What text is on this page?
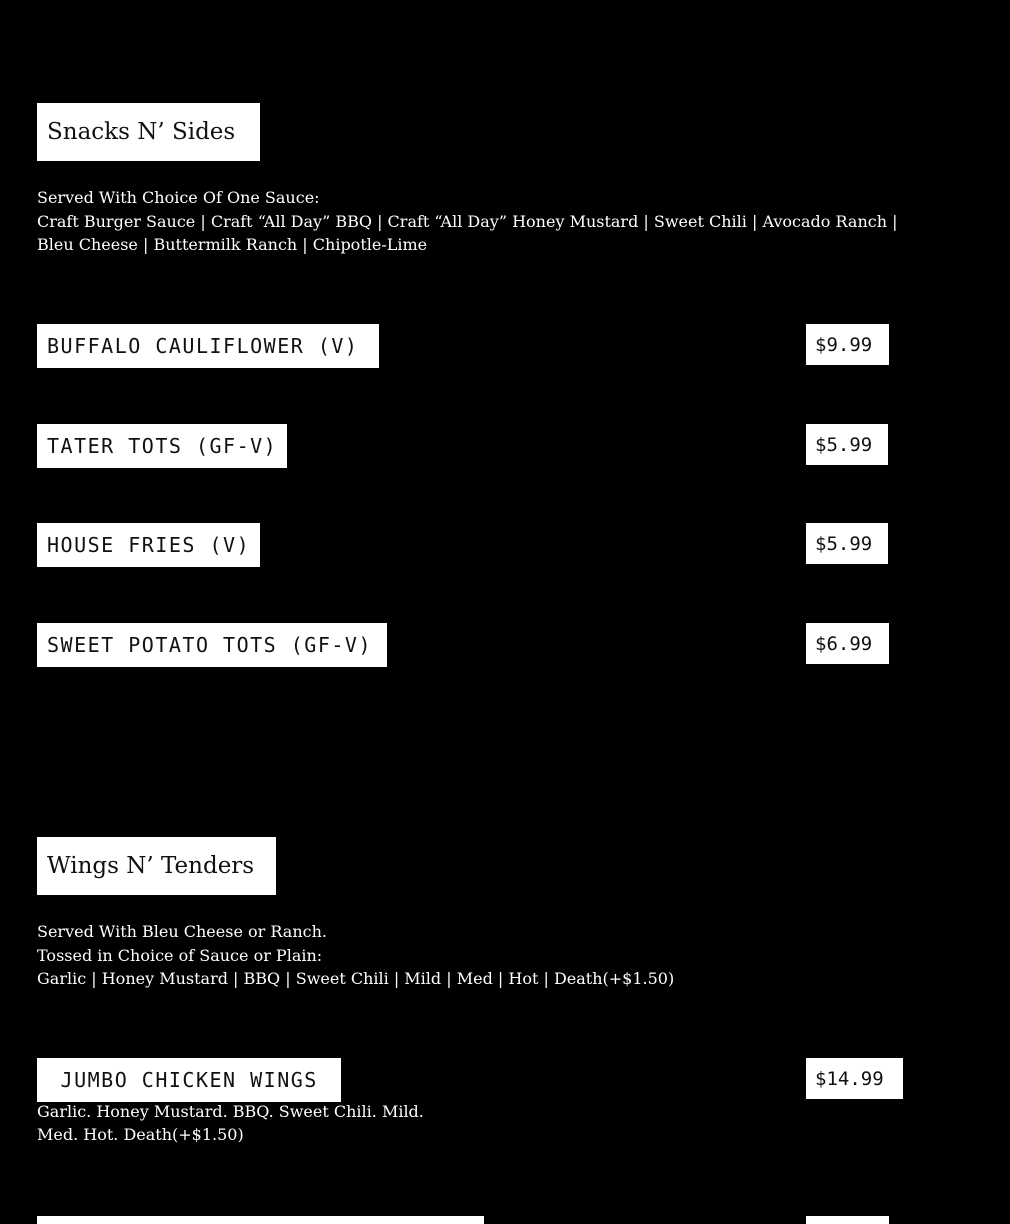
Snacks N’ Sides
Served With Choice Of One Sauce:
Craft Burger Sauce | Craft “All Day” BBQ | Craft “All Day” Honey Mustard | Sweet Chili | Avocado Ranch |
Bleu Cheese | Buttermilk Ranch | Chipotle-Lime
BUFFALO CAULIFLOWER (V)	$9.99
TATER TOTS (GF-V)	$5.99
HOUSE FRIES (V)	$5.99
SWEET POTATO TOTS (GF-V)	$6.99
Wings N’ Tenders
Served With Bleu Cheese or Ranch.
Tossed in Choice of Sauce or Plain:
Garlic | Honey Mustard | BBQ | Sweet Chili | Mild | Med | Hot | Death(+$1.50)
JUMBO CHICKEN WINGS	$14.99
Garlic. Honey Mustard. BBQ. Sweet Chili. Mild.
Med. Hot. Death(+$1.50)
